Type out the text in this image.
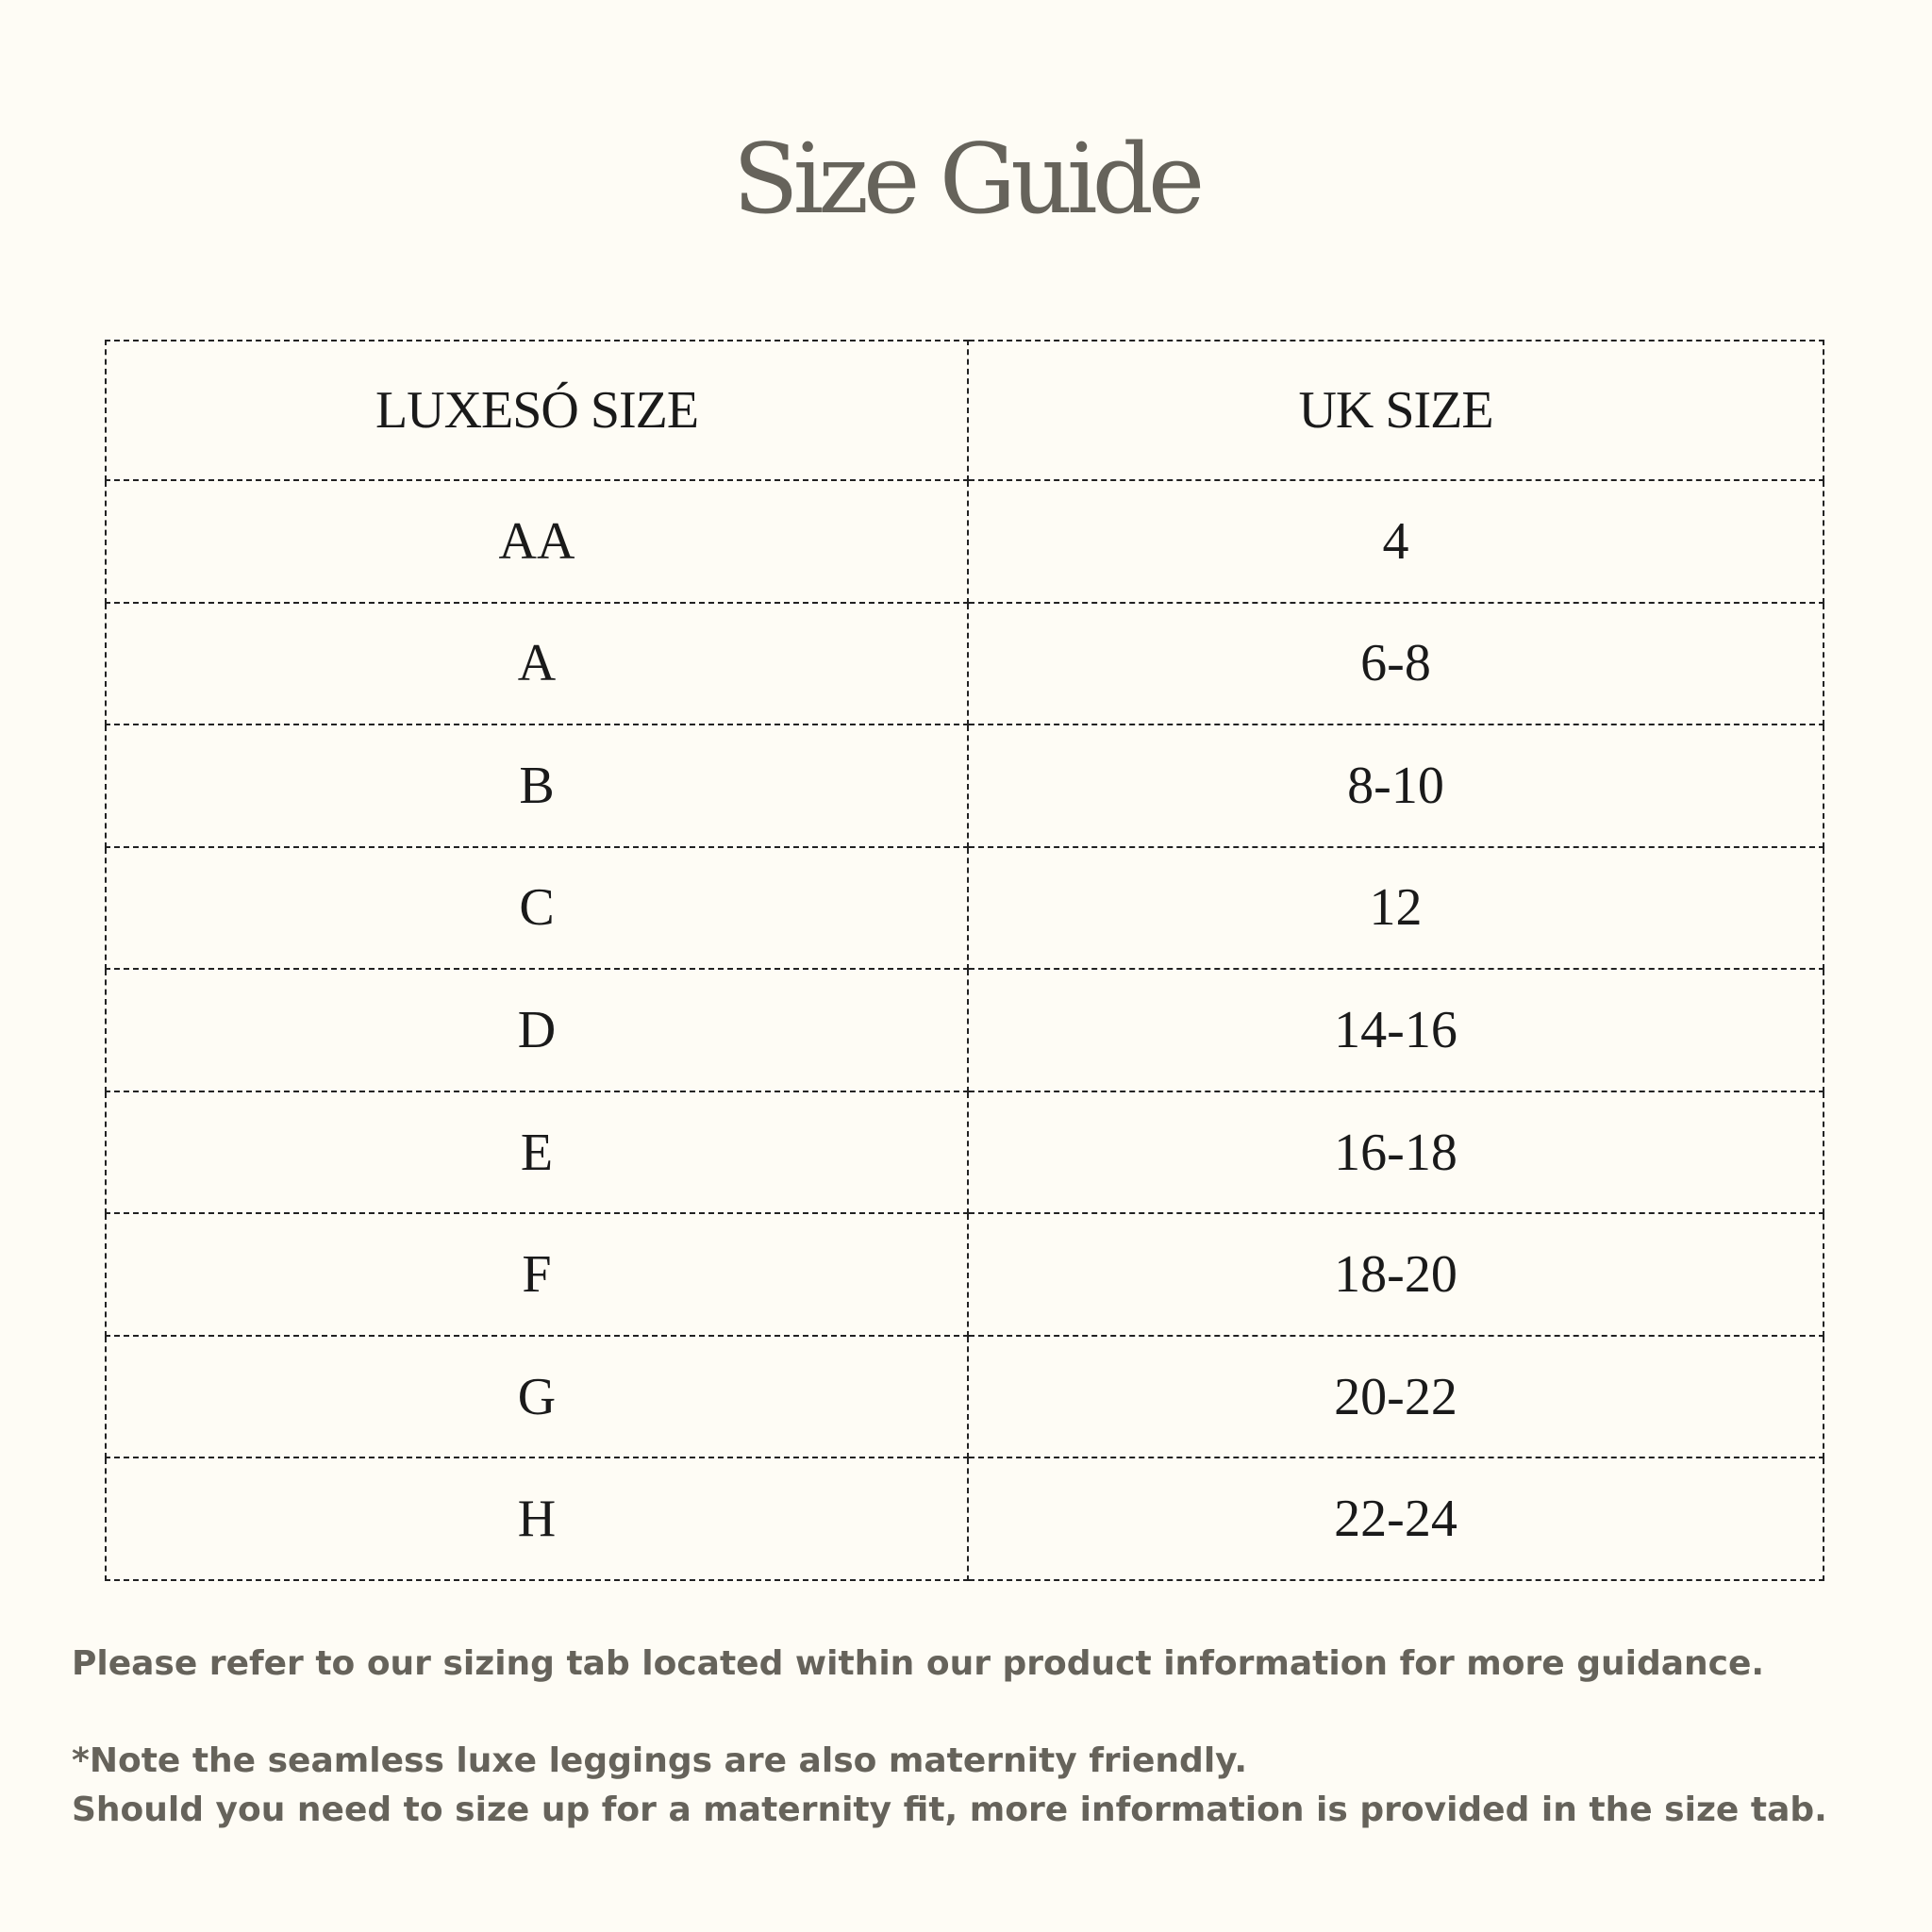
Size Guide
LUXESÓ SIZE	UK SIZE
AA	4
A	6-8
B	8-10
C	12
D	14-16
E	16-18
F	18-20
G	20-22
H	22-24

Please refer to our sizing tab located within our product information for more guidance.

*Note the seamless luxe leggings are also maternity friendly.

Should you need to size up for a maternity fit, more information is provided in the size tab.
